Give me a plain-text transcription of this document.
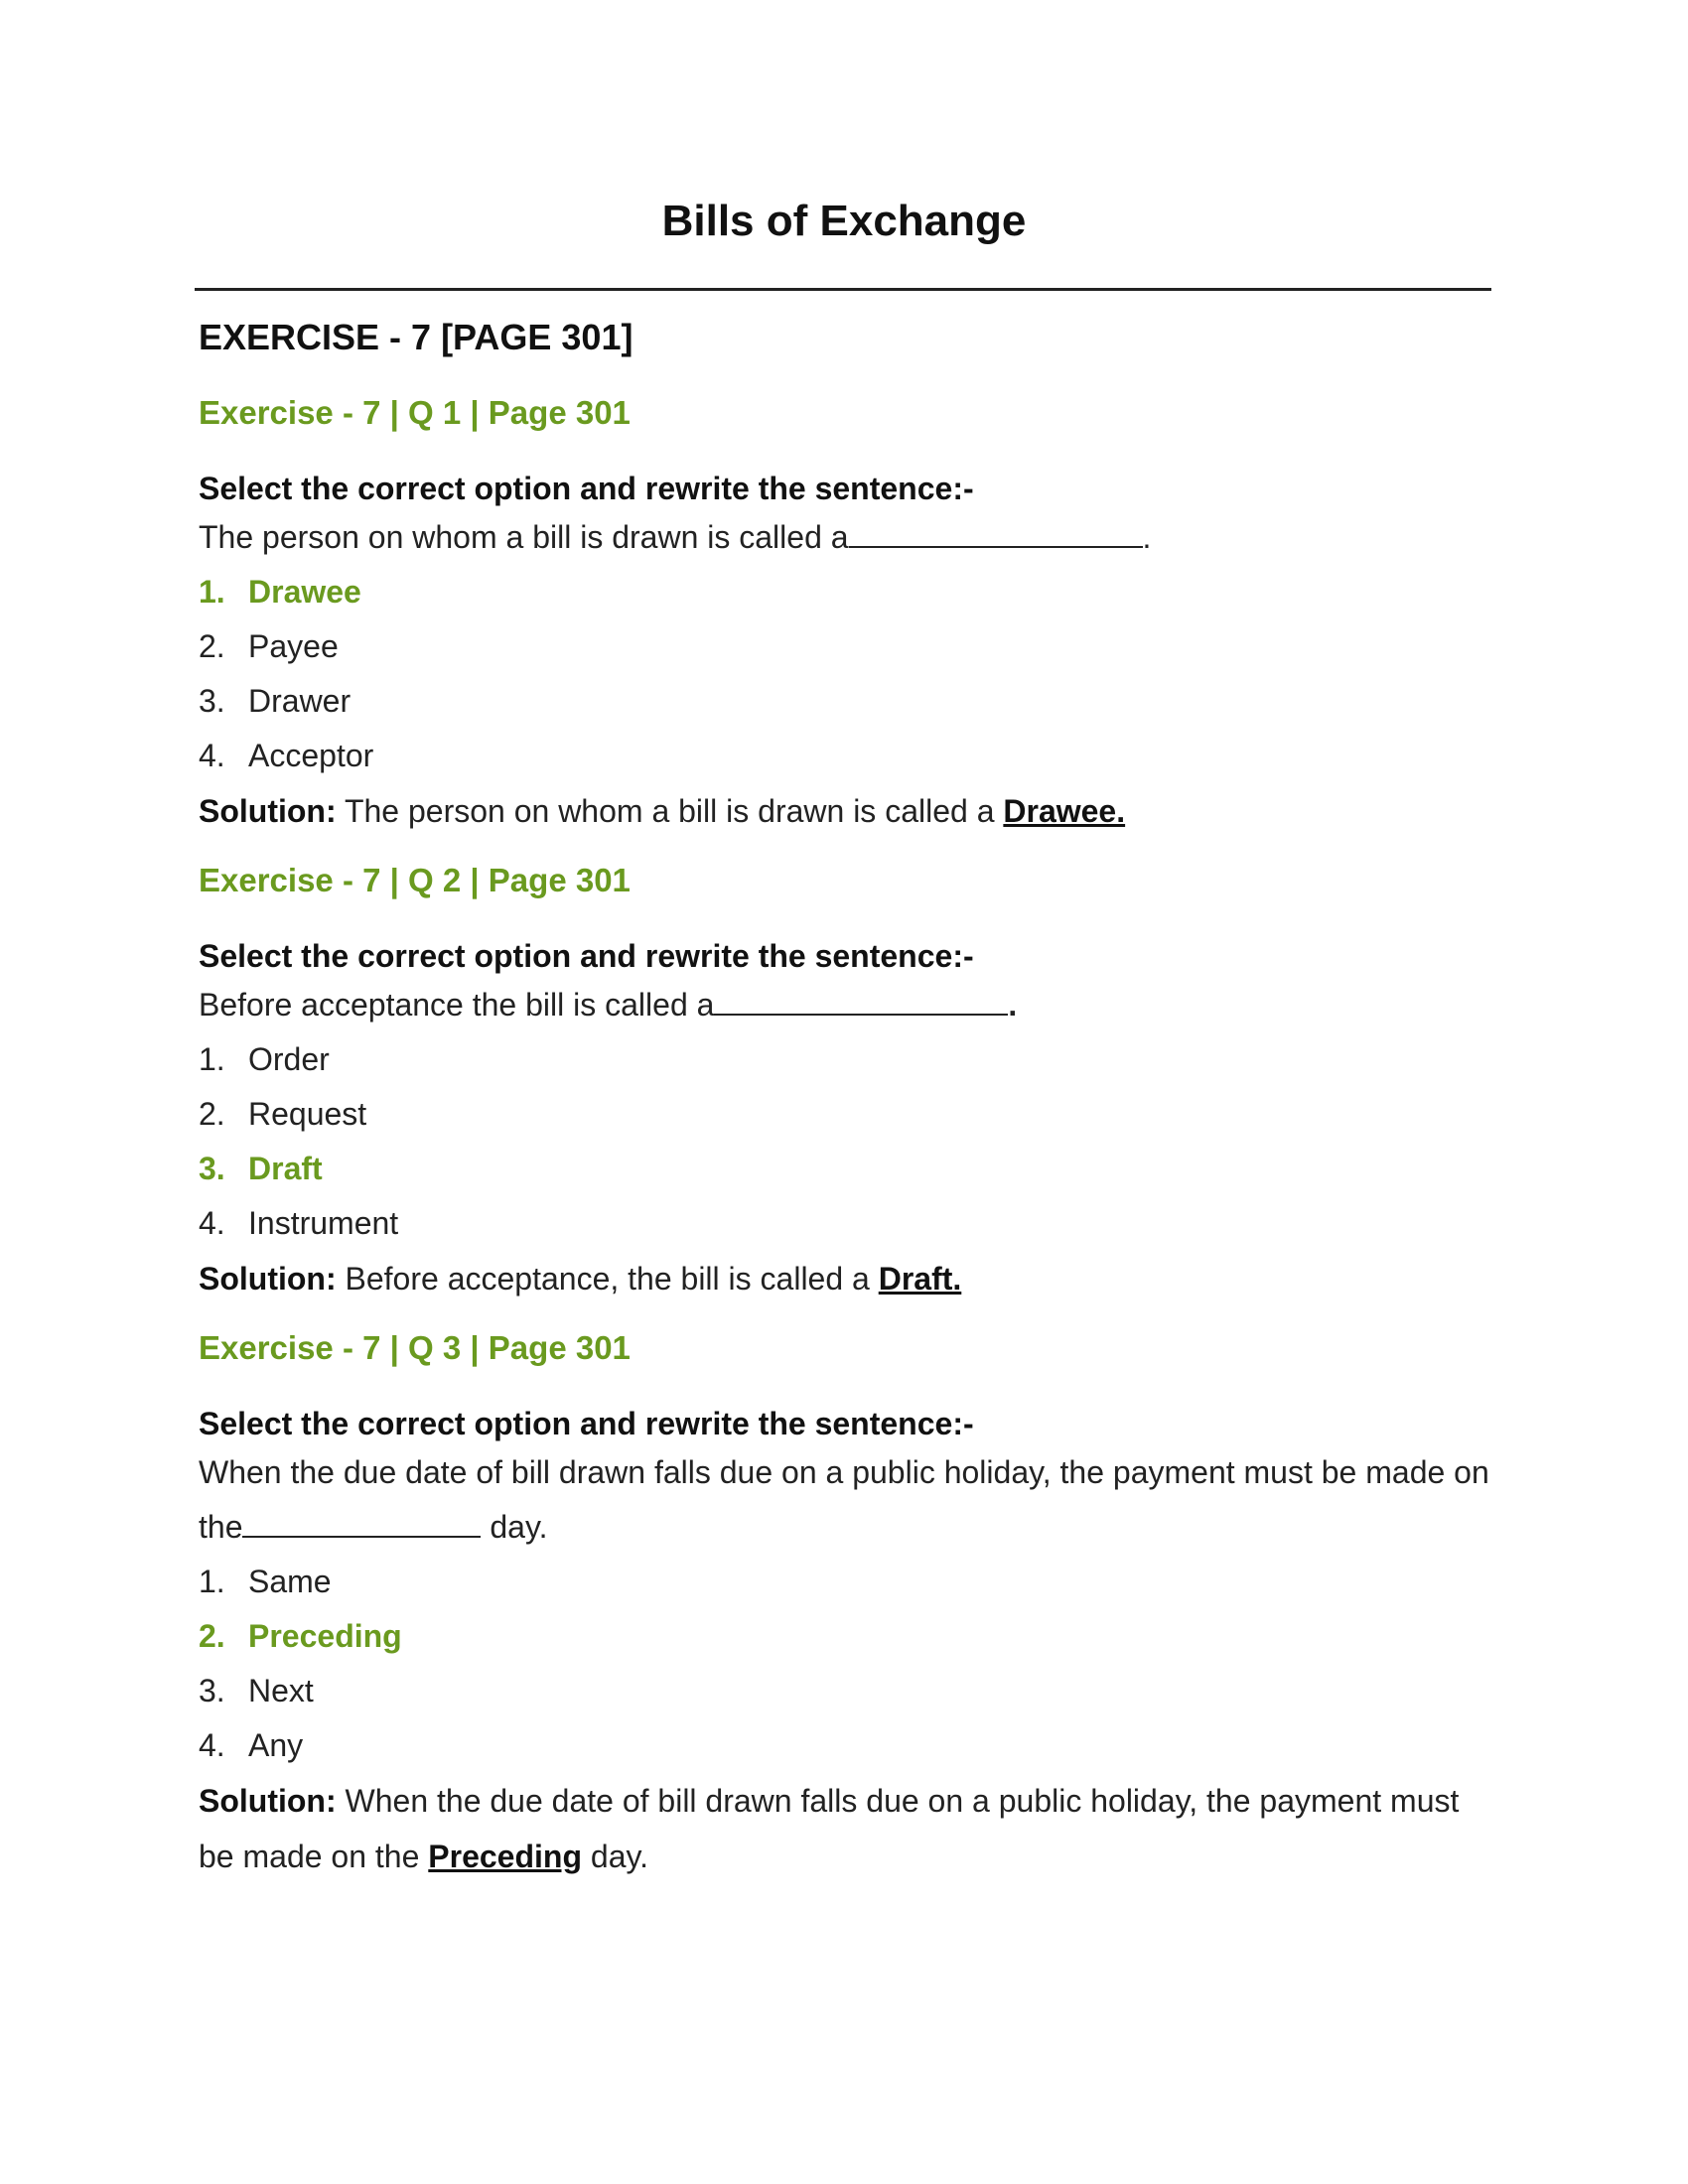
Bills of Exchange
EXERCISE - 7 [PAGE 301]
Exercise - 7 | Q 1 | Page 301
Select the correct option and rewrite the sentence:-
The person on whom a bill is drawn is called a	.
1. Drawee
2. Payee
3. Drawer
4. Acceptor
Solution: The person on whom a bill is drawn is called a Drawee.
Exercise - 7 | Q 2 | Page 301
Select the correct option and rewrite the sentence:-
Before acceptance the bill is called a	.
1. Order
2. Request
3. Draft
4. Instrument
Solution: Before acceptance, the bill is called a Draft.
Exercise - 7 | Q 3 | Page 301
Select the correct option and rewrite the sentence:-
When the due date of bill drawn falls due on a public holiday, the payment must be made on the	day.
1. Same
2. Preceding
3. Next
4. Any
Solution: When the due date of bill drawn falls due on a public holiday, the payment must be made on the Preceding day.
